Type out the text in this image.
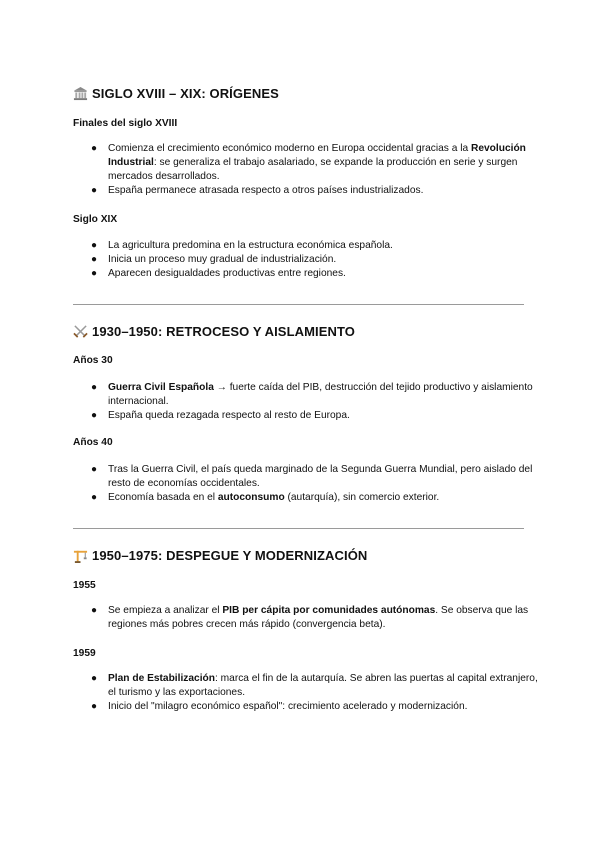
SIGLO XVIII – XIX: ORÍGENES
Finales del siglo XVIII
● Comienza el crecimiento económico moderno en Europa occidental gracias a la Revolución Industrial: se generaliza el trabajo asalariado, se expande la producción en serie y surgen mercados desarrollados.
● España permanece atrasada respecto a otros países industrializados.
Siglo XIX
● La agricultura predomina en la estructura económica española.
● Inicia un proceso muy gradual de industrialización.
● Aparecen desigualdades productivas entre regiones.
1930–1950: RETROCESO Y AISLAMIENTO
Años 30
● Guerra Civil Española → fuerte caída del PIB, destrucción del tejido productivo y aislamiento internacional.
● España queda rezagada respecto al resto de Europa.
Años 40
● Tras la Guerra Civil, el país queda marginado de la Segunda Guerra Mundial, pero aislado del resto de economías occidentales.
● Economía basada en el autoconsumo (autarquía), sin comercio exterior.
1950–1975: DESPEGUE Y MODERNIZACIÓN
1955
● Se empieza a analizar el PIB per cápita por comunidades autónomas. Se observa que las regiones más pobres crecen más rápido (convergencia beta).
1959
● Plan de Estabilización: marca el fin de la autarquía. Se abren las puertas al capital extranjero, el turismo y las exportaciones.
● Inicio del "milagro económico español": crecimiento acelerado y modernización.
